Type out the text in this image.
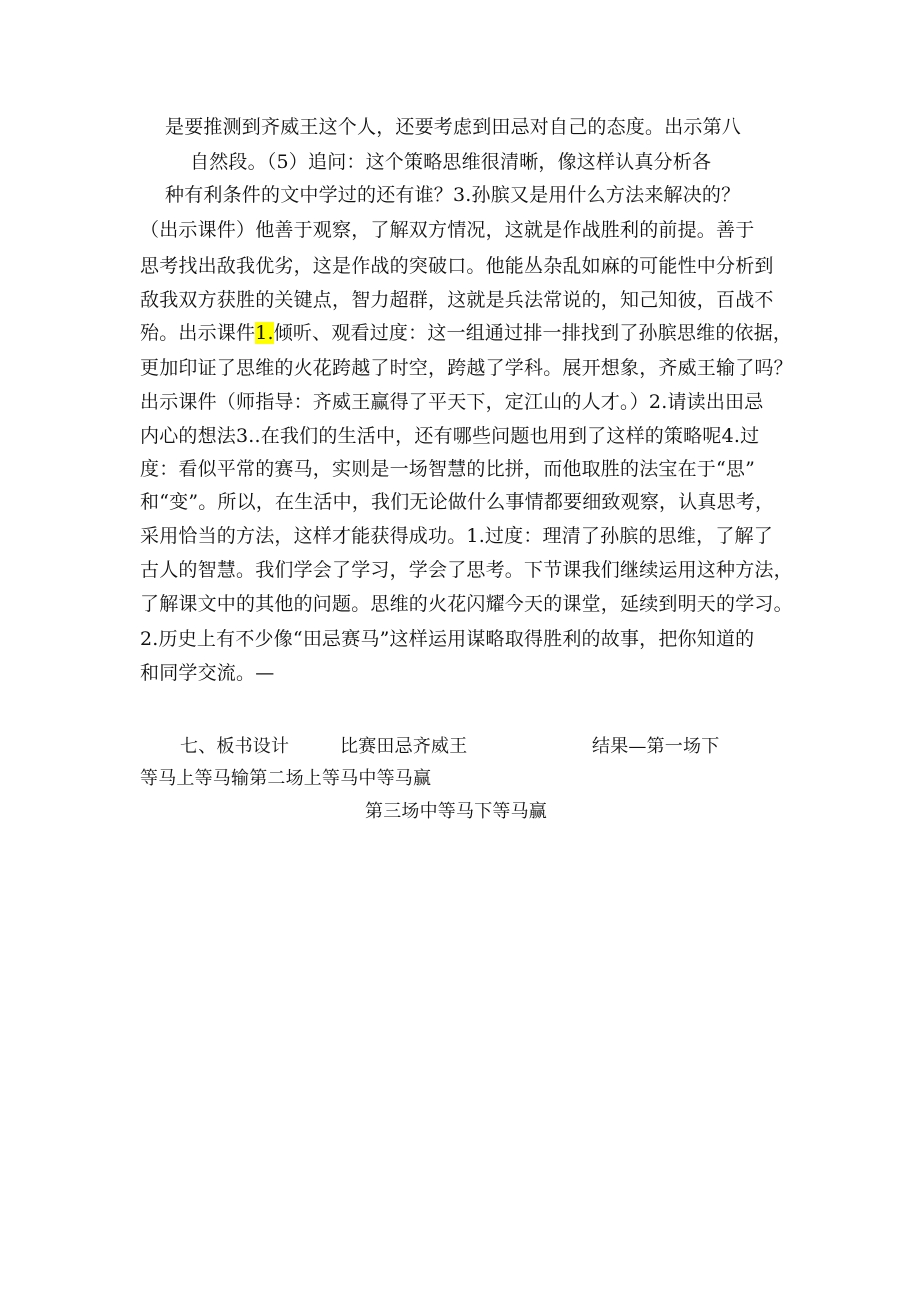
是要推测到齐威王这个人，还要考虑到田忌对自己的态度。出示第八
自然段。（5）追问：这个策略思维很清晰，像这样认真分析各
种有利条件的文中学过的还有谁？3.孙膑又是用什么方法来解决的？
（出示课件）他善于观察，了解双方情况，这就是作战胜利的前提。善于
思考找出敌我优劣，这是作战的突破口。他能丛杂乱如麻的可能性中分析到
敌我双方获胜的关键点，智力超群，这就是兵法常说的，知己知彼，百战不
殆。出示课件1.倾听、观看过度：这一组通过排一排找到了孙膑思维的依据，
更加印证了思维的火花跨越了时空，跨越了学科。展开想象，齐威王输了吗？
出示课件（师指导：齐威王赢得了平天下，定江山的人才。）2.请读出田忌
内心的想法3..在我们的生活中，还有哪些问题也用到了这样的策略呢4.过
度：看似平常的赛马，实则是一场智慧的比拼，而他取胜的法宝在于“思”
和“变”。所以，在生活中，我们无论做什么事情都要细致观察，认真思考，
采用恰当的方法，这样才能获得成功。1.过度：理清了孙膑的思维，了解了
古人的智慧。我们学会了学习，学会了思考。下节课我们继续运用这种方法，
了解课文中的其他的问题。思维的火花闪耀今天的课堂，延续到明天的学习。
2.历史上有不少像“田忌赛马”这样运用谋略取得胜利的故事，把你知道的
和同学交流。—
七、板书设计	比赛田忌齐威王	结果—第一场下
等马上等马输第二场上等马中等马赢
第三场中等马下等马赢
